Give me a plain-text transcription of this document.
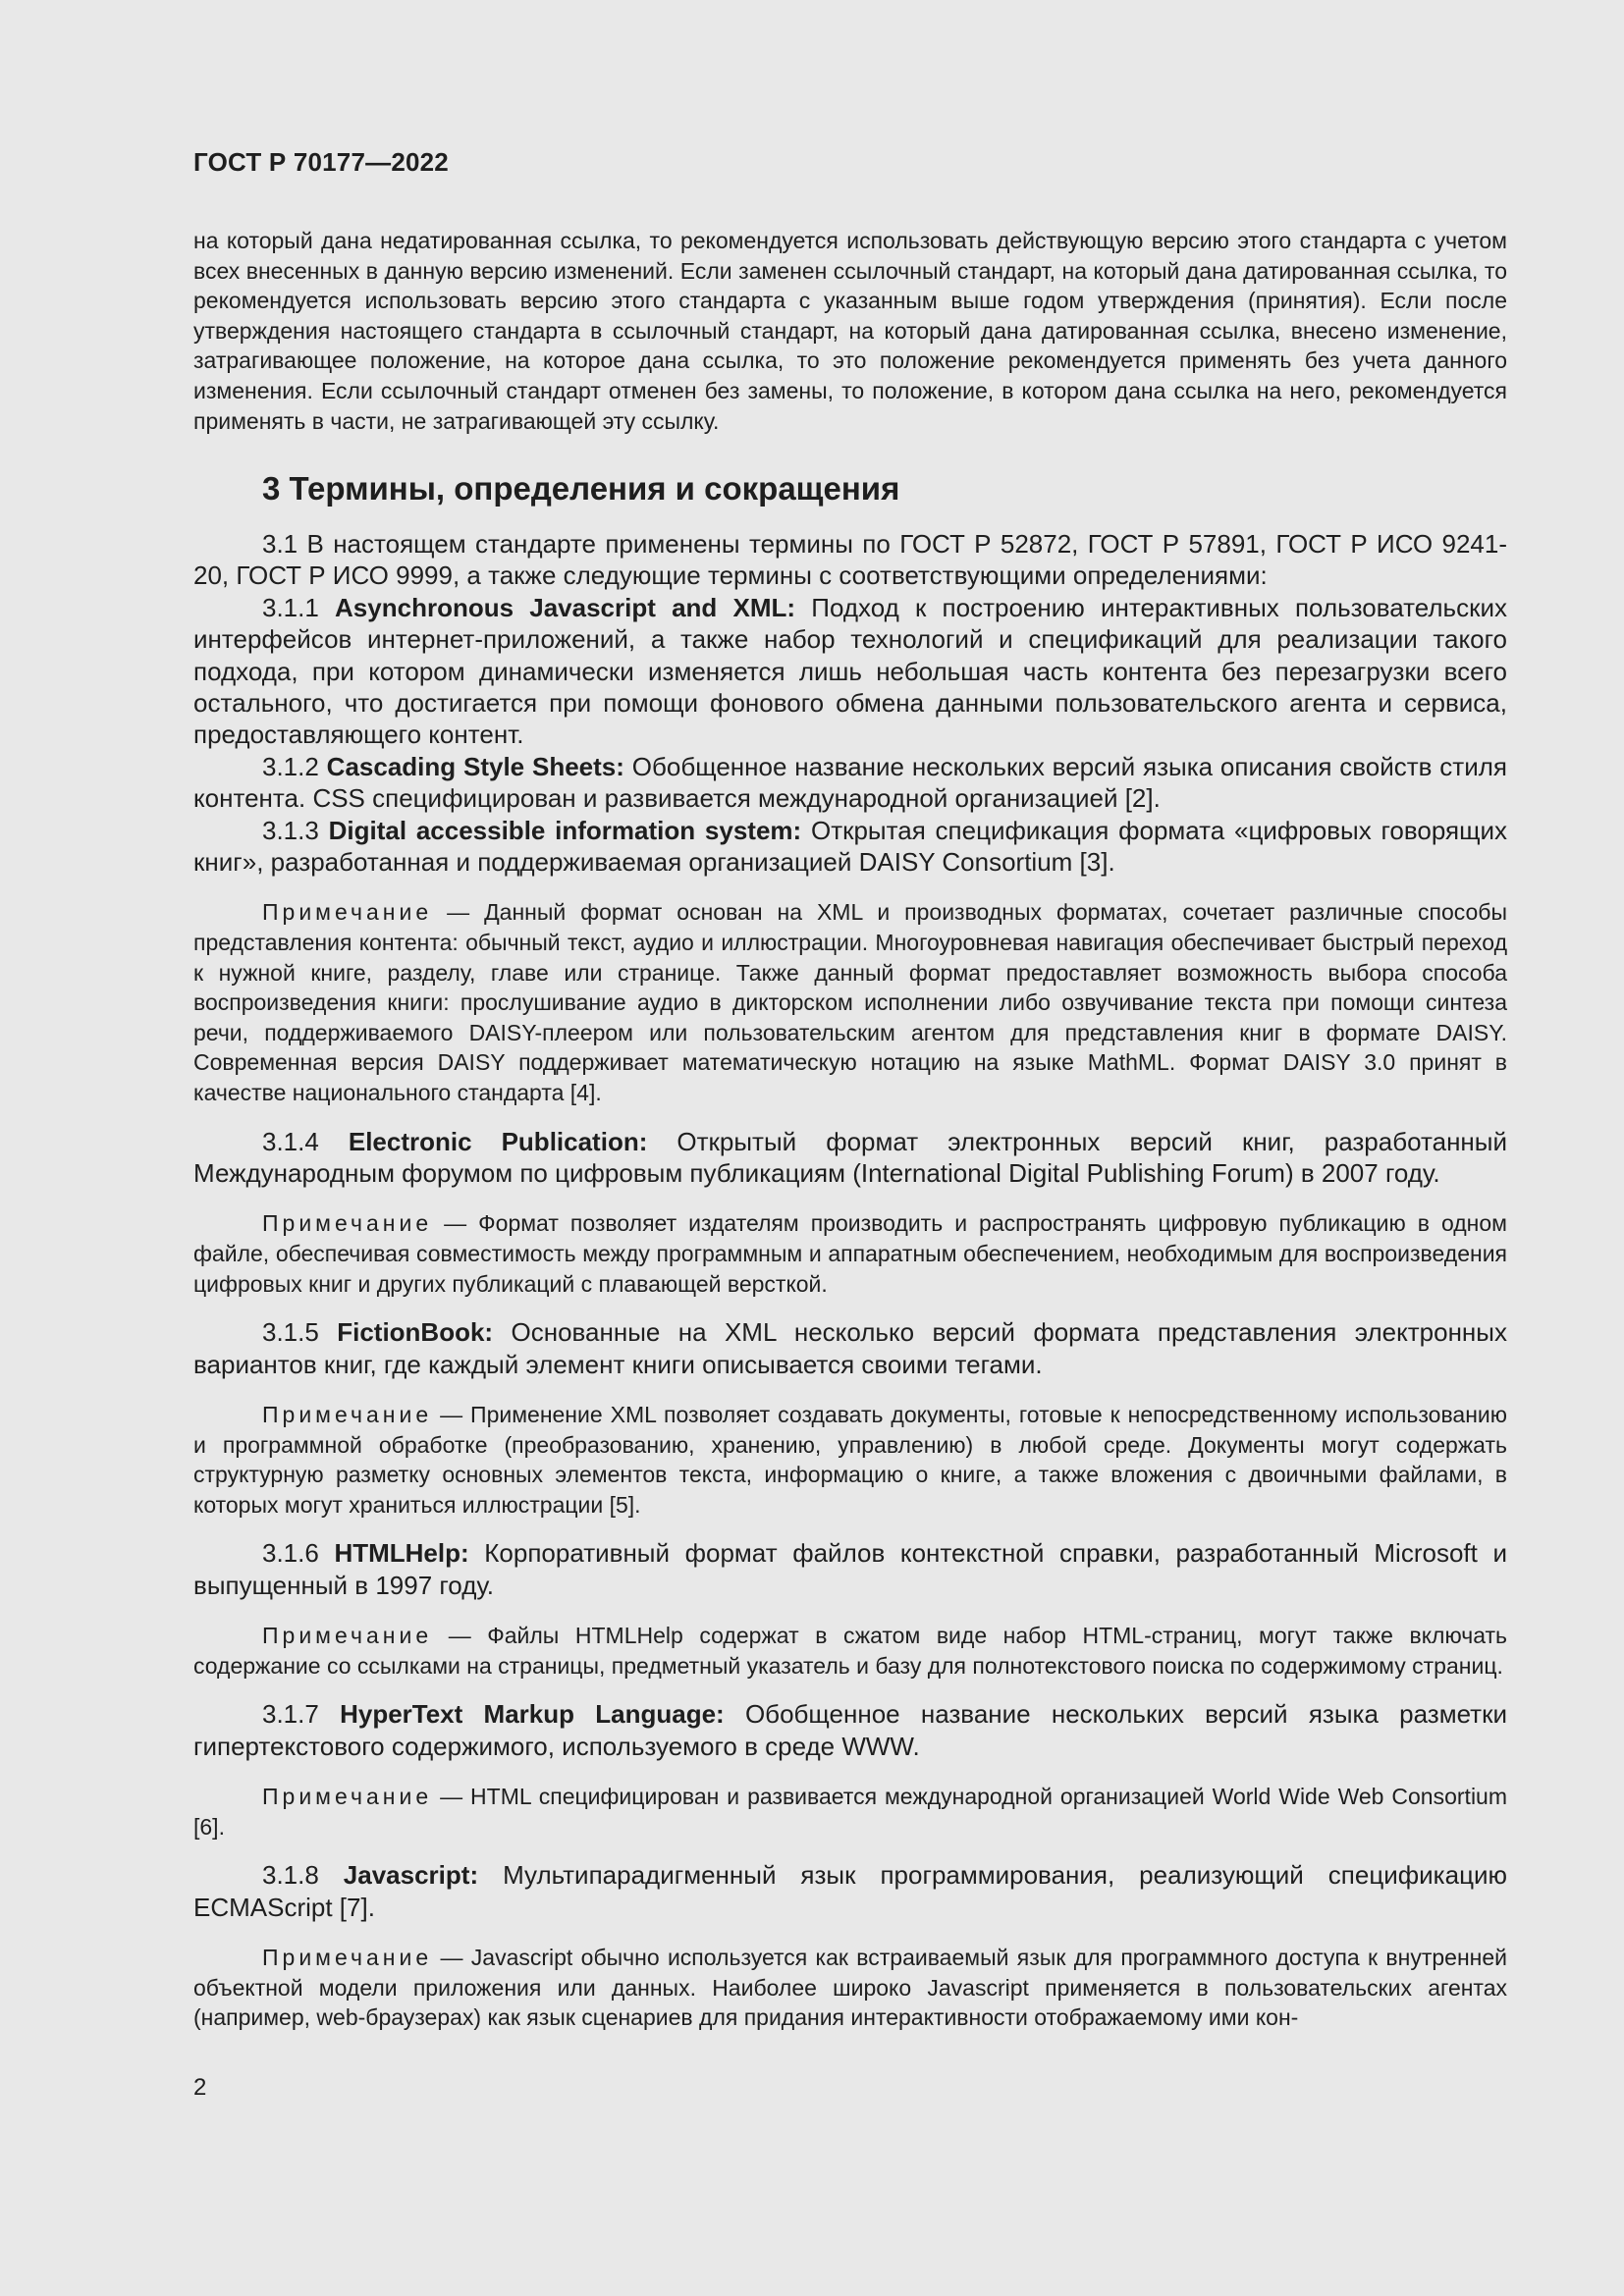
ГОСТ Р 70177—2022

на который дана недатированная ссылка, то рекомендуется использовать действующую версию этого стандарта с учетом всех внесенных в данную версию изменений. Если заменен ссылочный стандарт, на который дана датированная ссылка, то рекомендуется использовать версию этого стандарта с указанным выше годом утверждения (принятия). Если после утверждения настоящего стандарта в ссылочный стандарт, на который дана датированная ссылка, внесено изменение, затрагивающее положение, на которое дана ссылка, то это положение рекомендуется применять без учета данного изменения. Если ссылочный стандарт отменен без замены, то положение, в котором дана ссылка на него, рекомендуется применять в части, не затрагивающей эту ссылку.

3 Термины, определения и сокращения

3.1 В настоящем стандарте применены термины по ГОСТ Р 52872, ГОСТ Р 57891, ГОСТ Р ИСО 9241-20, ГОСТ Р ИСО 9999, а также следующие термины с соответствующими определениями:

3.1.1 Asynchronous Javascript and XML: Подход к построению интерактивных пользовательских интерфейсов интернет-приложений, а также набор технологий и спецификаций для реализации такого подхода, при котором динамически изменяется лишь небольшая часть контента без перезагрузки всего остального, что достигается при помощи фонового обмена данными пользовательского агента и сервиса, предоставляющего контент.

3.1.2 Cascading Style Sheets: Обобщенное название нескольких версий языка описания свойств стиля контента. CSS специфицирован и развивается международной организацией [2].

3.1.3 Digital accessible information system: Открытая спецификация формата «цифровых говорящих книг», разработанная и поддерживаемая организацией DAISY Consortium [3].

Примечание — Данный формат основан на XML и производных форматах, сочетает различные способы представления контента: обычный текст, аудио и иллюстрации. Многоуровневая навигация обеспечивает быстрый переход к нужной книге, разделу, главе или странице. Также данный формат предоставляет возможность выбора способа воспроизведения книги: прослушивание аудио в дикторском исполнении либо озвучивание текста при помощи синтеза речи, поддерживаемого DAISY-плеером или пользовательским агентом для представления книг в формате DAISY. Современная версия DAISY поддерживает математическую нотацию на языке MathML. Формат DAISY 3.0 принят в качестве национального стандарта [4].

3.1.4 Electronic Publication: Открытый формат электронных версий книг, разработанный Международным форумом по цифровым публикациям (International Digital Publishing Forum) в 2007 году.

Примечание — Формат позволяет издателям производить и распространять цифровую публикацию в одном файле, обеспечивая совместимость между программным и аппаратным обеспечением, необходимым для воспроизведения цифровых книг и других публикаций с плавающей версткой.

3.1.5 FictionBook: Основанные на XML несколько версий формата представления электронных вариантов книг, где каждый элемент книги описывается своими тегами.

Примечание — Применение XML позволяет создавать документы, готовые к непосредственному использованию и программной обработке (преобразованию, хранению, управлению) в любой среде. Документы могут содержать структурную разметку основных элементов текста, информацию о книге, а также вложения с двоичными файлами, в которых могут храниться иллюстрации [5].

3.1.6 HTMLHelp: Корпоративный формат файлов контекстной справки, разработанный Microsoft и выпущенный в 1997 году.

Примечание — Файлы HTMLHelp содержат в сжатом виде набор HTML-страниц, могут также включать содержание со ссылками на страницы, предметный указатель и базу для полнотекстового поиска по содержимому страниц.

3.1.7 HyperText Markup Language: Обобщенное название нескольких версий языка разметки гипертекстового содержимого, используемого в среде WWW.

Примечание — HTML специфицирован и развивается международной организацией World Wide Web Consortium [6].

3.1.8 Javascript: Мультипарадигменный язык программирования, реализующий спецификацию ECMAScript [7].

Примечание — Javascript обычно используется как встраиваемый язык для программного доступа к внутренней объектной модели приложения или данных. Наиболее широко Javascript применяется в пользовательских агентах (например, web-браузерах) как язык сценариев для придания интерактивности отображаемому ими кон-

2
